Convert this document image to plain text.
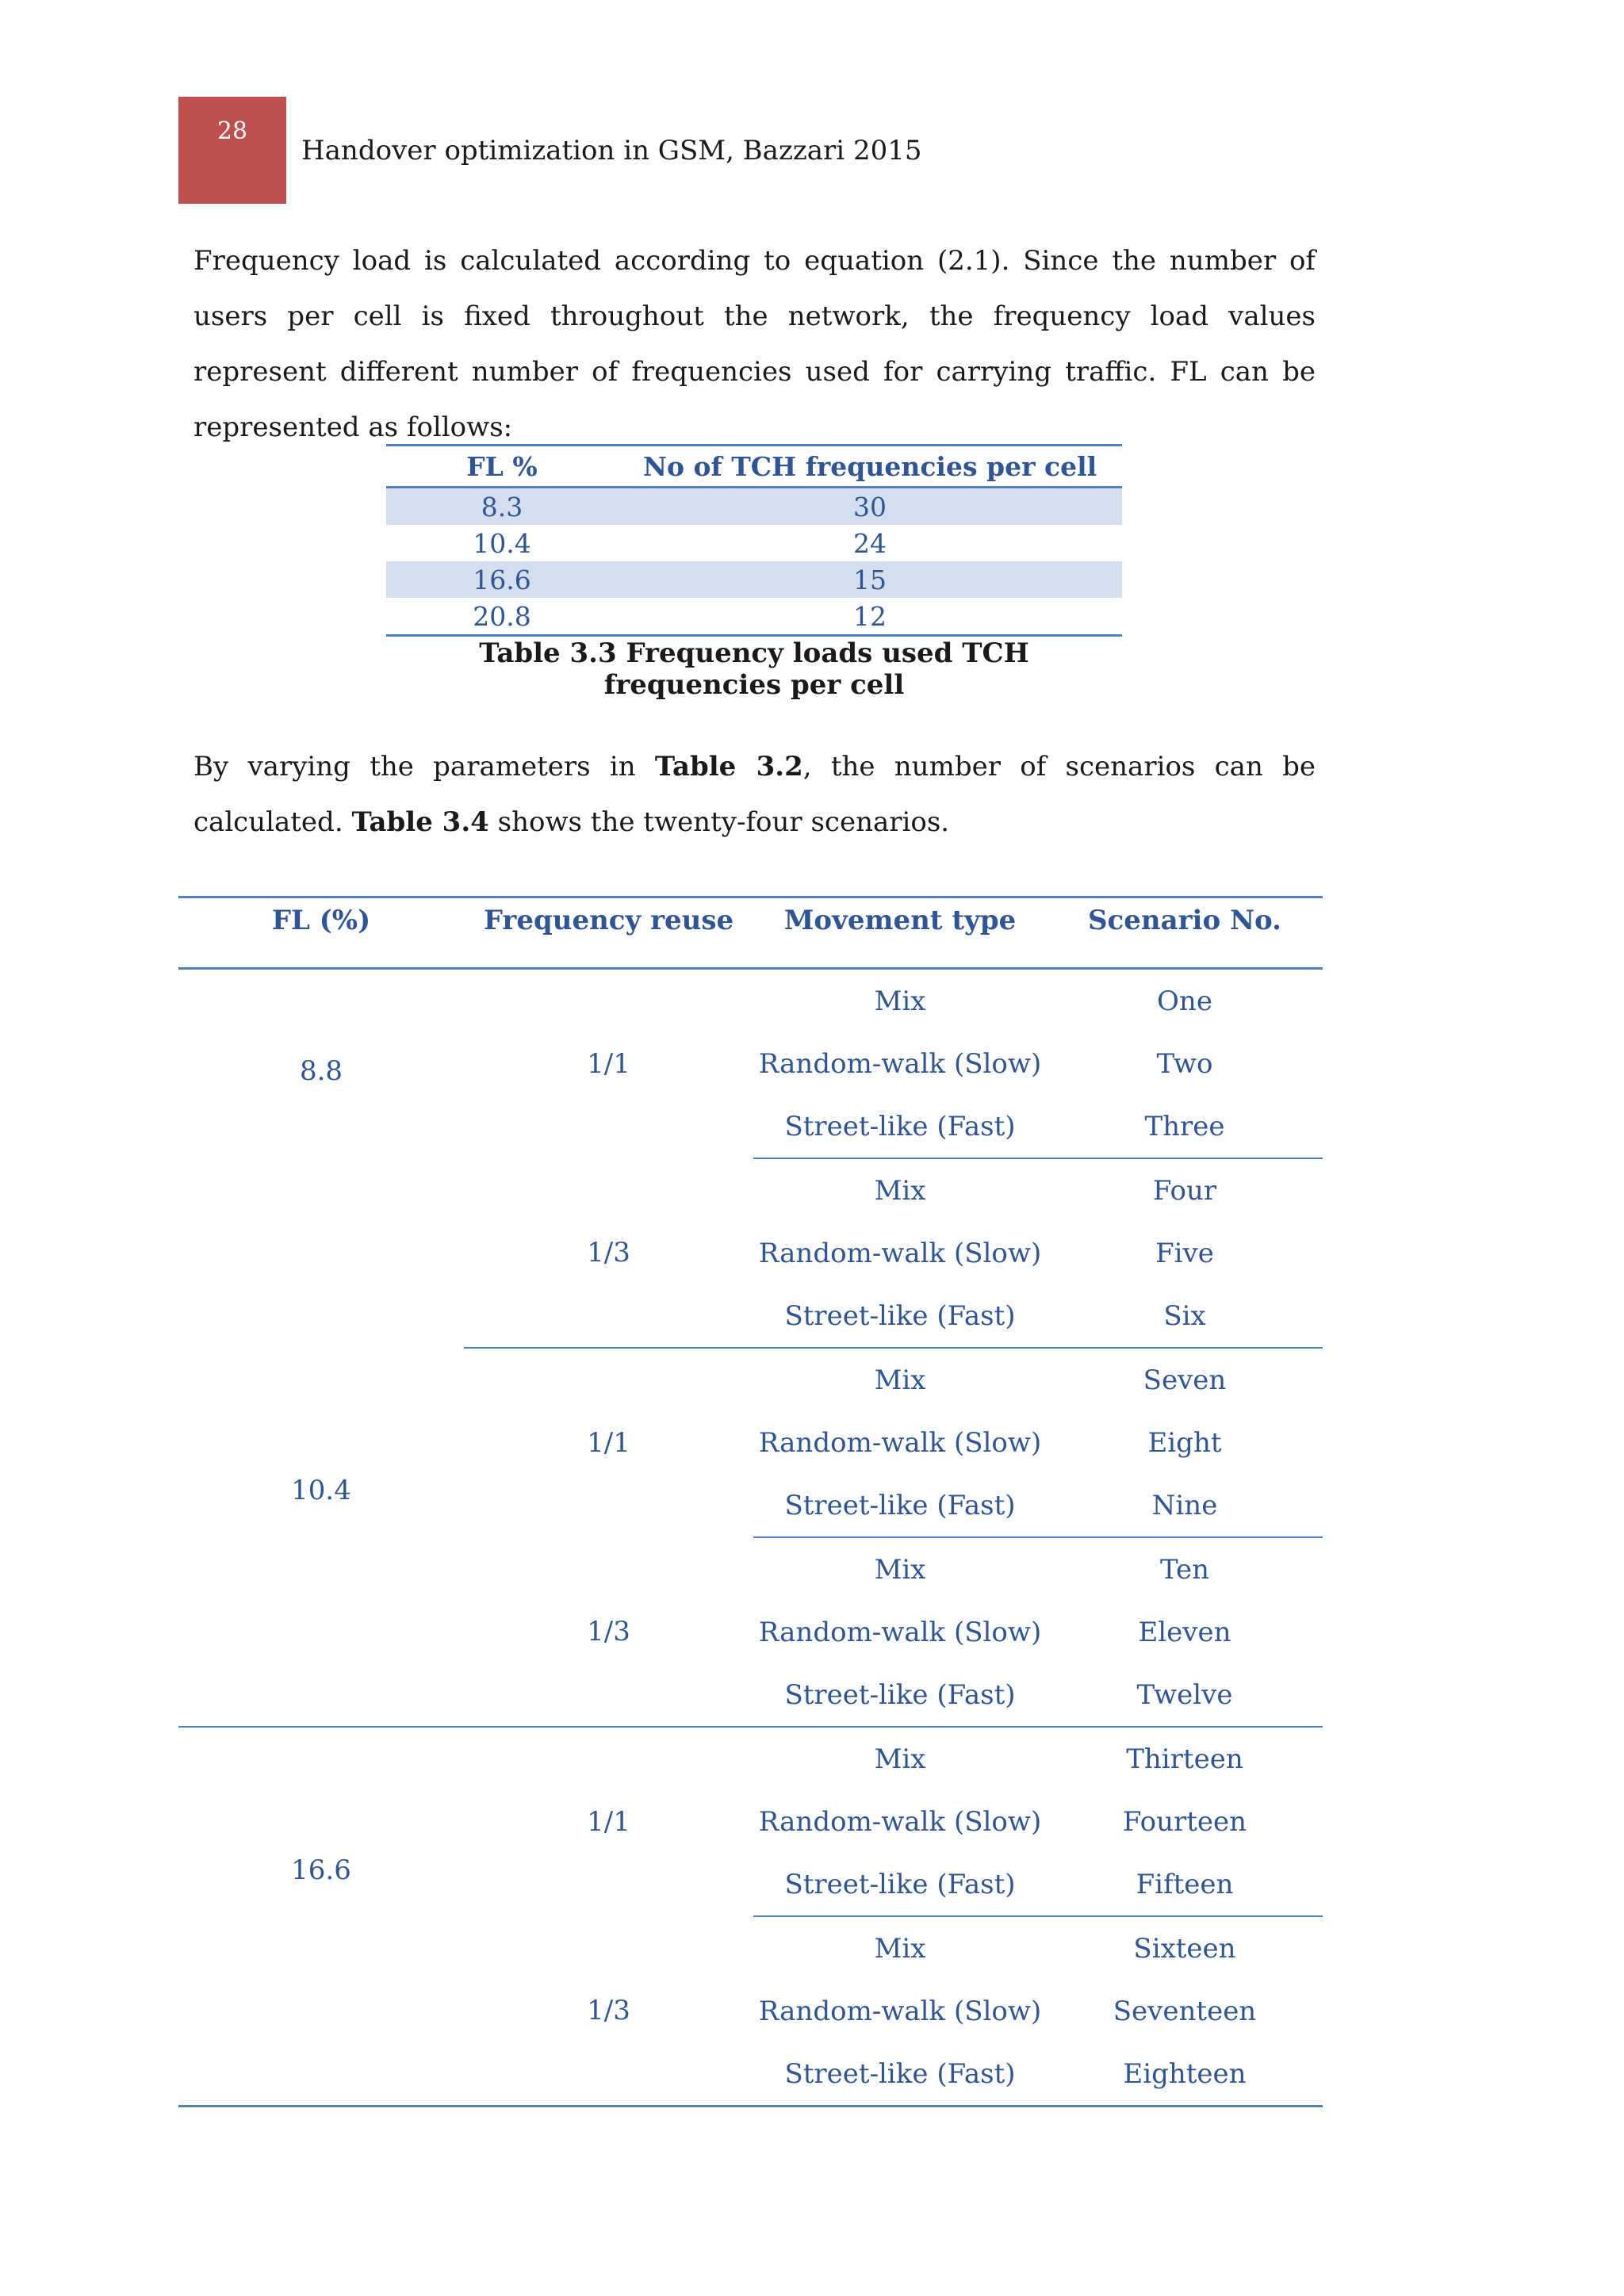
28
Handover optimization in GSM, Bazzari 2015

Frequency load is calculated according to equation (2.1). Since the number of users per cell is fixed throughout the network, the frequency load values represent different number of frequencies used for carrying traffic. FL can be represented as follows:

FL %	No of TCH frequencies per cell
8.3	30
10.4	24
16.6	15
20.8	12
Table 3.3 Frequency loads used TCH frequencies per cell

By varying the parameters in Table 3.2, the number of scenarios can be calculated. Table 3.4 shows the twenty-four scenarios.

FL (%)	Frequency reuse	Movement type	Scenario No.
8.8	1/1	Mix	One
		Random-walk (Slow)	Two
		Street-like (Fast)	Three
	1/3	Mix	Four
		Random-walk (Slow)	Five
		Street-like (Fast)	Six
10.4	1/1	Mix	Seven
		Random-walk (Slow)	Eight
		Street-like (Fast)	Nine
	1/3	Mix	Ten
		Random-walk (Slow)	Eleven
		Street-like (Fast)	Twelve
16.6	1/1	Mix	Thirteen
		Random-walk (Slow)	Fourteen
		Street-like (Fast)	Fifteen
	1/3	Mix	Sixteen
		Random-walk (Slow)	Seventeen
		Street-like (Fast)	Eighteen
